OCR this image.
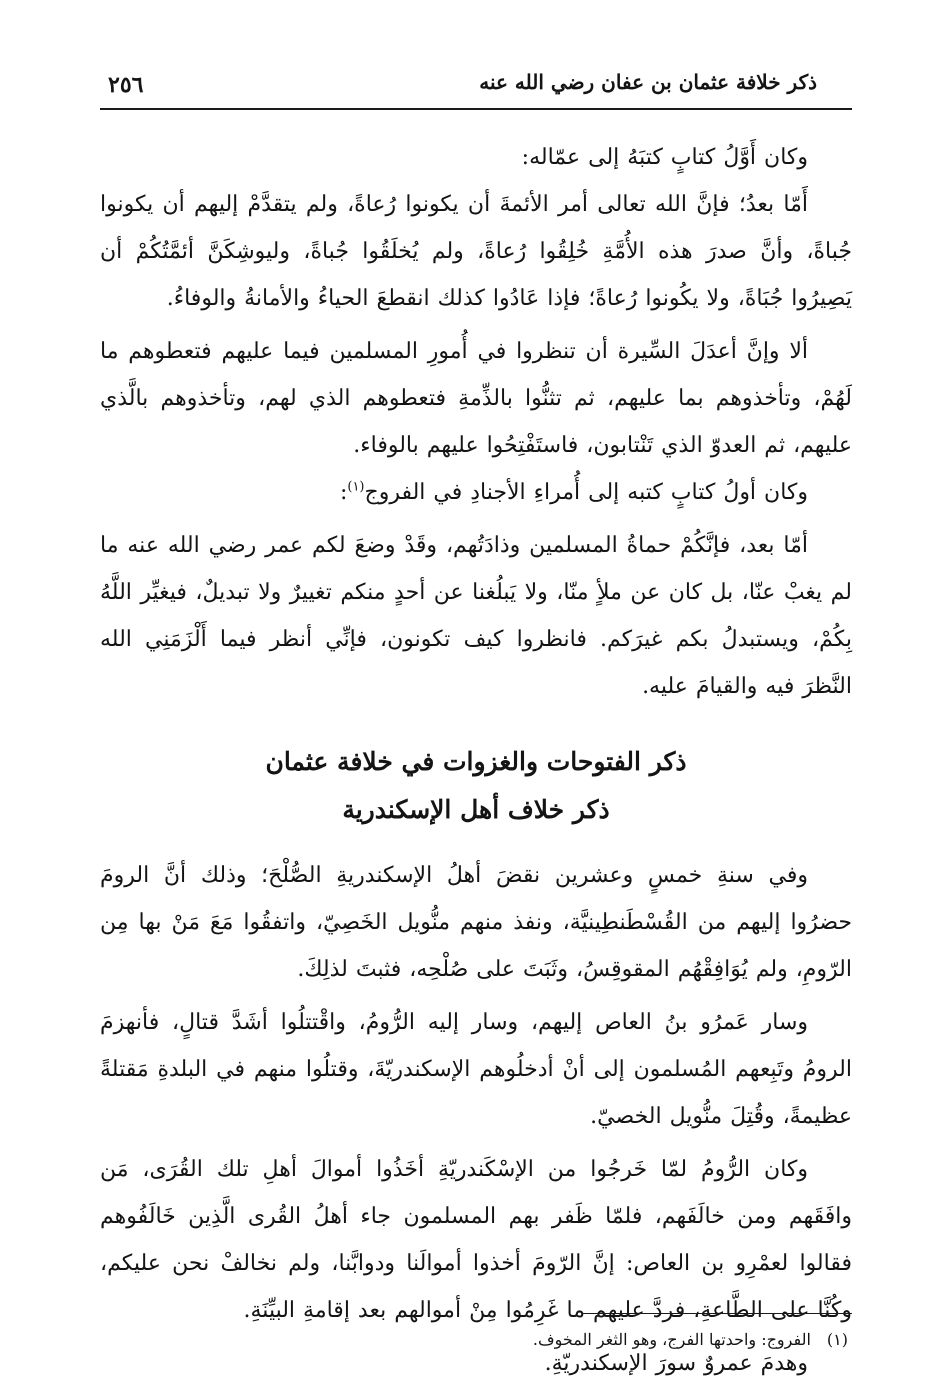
ذكر خلافة عثمان بن عفان رضي الله عنه
٢٥٦

وكان أَوَّلُ كتابٍ كتبَهُ إلى عمّاله:

أَمّا بعدُ؛ فإنَّ الله تعالى أمر الأئمةَ أن يكونوا رُعاةً، ولم يتقدَّمْ إليهم أن يكونوا جُباةً، وأنَّ صدرَ هذه الأُمَّةِ خُلِقُوا رُعاةً، ولم يُخلَقُوا جُباةً، وليوشِكَنَّ أئمَّتُكُمْ أن يَصِيرُوا جُبَاةً، ولا يكُونوا رُعاةً؛ فإذا عَادُوا كذلك انقطعَ الحياءُ والأمانةُ والوفاءُ.

ألا وإنَّ أعدَلَ السِّيرة أن تنظروا في أُمورِ المسلمين فيما عليهم فتعطوهم ما لَهُمْ، وتأخذوهم بما عليهم، ثم تثنُّوا بالذِّمةِ فتعطوهم الذي لهم، وتأخذوهم بالَّذي عليهم، ثم العدوّ الذي تَنْتابون، فاستَفْتِحُوا عليهم بالوفاء.

وكان أولُ كتابٍ كتبه إلى أُمراءِ الأجنادِ في الفروج$^{(١)}$:

أمّا بعد، فإنَّكُمْ حماةُ المسلمين وذادَتُهم، وقَدْ وضعَ لكم عمر رضي الله عنه ما لم يغبْ عنّا، بل كان عن ملأٍ منّا، ولا يَبلُغنا عن أحدٍ منكم تغييرٌ ولا تبديلٌ، فيغيِّر اللَّهُ بِكُمْ، ويستبدلُ بكم غيرَكم. فانظروا كيف تكونون، فإنِّي أنظر فيما أَلْزَمَنِي الله النَّظرَ فيه والقيامَ عليه.

ذكر الفتوحات والغزوات في خلافة عثمان
ذكر خلاف أهل الإسكندرية

وفي سنةِ خمسٍ وعشرين نقضَ أهلُ الإسكندريةِ الصُّلْحَ؛ وذلك أنَّ الرومَ حضرُوا إليهم من القُسْطَنطِينيَّة، ونفذ منهم منُّويل الخَصِيّ، واتفقُوا مَعَ مَنْ بها مِن الرّومِ، ولم يُوَافِقْهُم المقوقِسُ، وثَبَتَ على صُلْحِه، فثبتَ لذلِكَ.

وسار عَمرُو بنُ العاص إليهم، وسار إليه الرُّومُ، واقْتتلُوا أشَدَّ قتالٍ، فأنهزمَ الرومُ وتَبِعهم المُسلمون إلى أنْ أدخلُوهم الإسكندريّةَ، وقتلُوا منهم في البلدةِ مَقتلةً عظيمةً، وقُتِلَ منُّويل الخصيّ.

وكان الرُّومُ لمّا خَرجُوا من الإسْكَندريّةِ أخَذُوا أموالَ أهلِ تلك القُرَى، مَن وافَقَهم ومن خالَفَهم، فلمّا ظَفر بهم المسلمون جاء أهلُ القُرى الَّذِين خَالَفُوهم فقالوا لعمْرِو بن العاص: إنَّ الرّومَ أخذوا أموالَنا ودوابَّنا، ولم نخالفْ نحن عليكم، وكُنَّا على الطَّاعةِ، فردَّ عليهم ما غَرِمُوا مِنْ أموالهم بعد إقامةِ البيِّنَةِ.

وهدمَ عمروٌ سورَ الإسكندريّةِ.

(١)الفروج: واحدتها الفرج، وهو الثغر المخوف.
